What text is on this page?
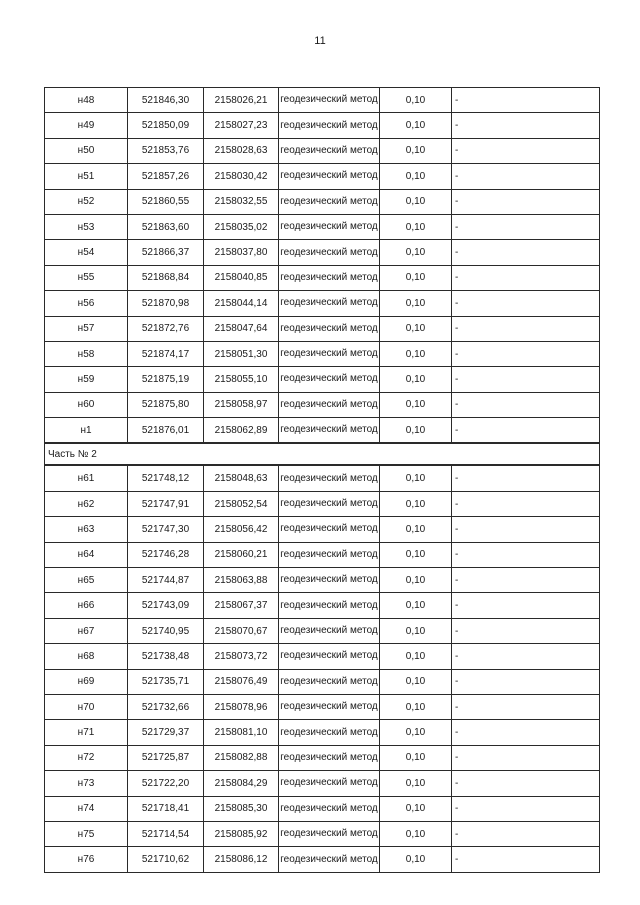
11
н48	521846,30	2158026,21	геодезический метод	0,10	-
н49	521850,09	2158027,23	геодезический метод	0,10	-
н50	521853,76	2158028,63	геодезический метод	0,10	-
н51	521857,26	2158030,42	геодезический метод	0,10	-
н52	521860,55	2158032,55	геодезический метод	0,10	-
н53	521863,60	2158035,02	геодезический метод	0,10	-
н54	521866,37	2158037,80	геодезический метод	0,10	-
н55	521868,84	2158040,85	геодезический метод	0,10	-
н56	521870,98	2158044,14	геодезический метод	0,10	-
н57	521872,76	2158047,64	геодезический метод	0,10	-
н58	521874,17	2158051,30	геодезический метод	0,10	-
н59	521875,19	2158055,10	геодезический метод	0,10	-
н60	521875,80	2158058,97	геодезический метод	0,10	-
н1	521876,01	2158062,89	геодезический метод	0,10	-
Часть № 2					
н61	521748,12	2158048,63	геодезический метод	0,10	-
н62	521747,91	2158052,54	геодезический метод	0,10	-
н63	521747,30	2158056,42	геодезический метод	0,10	-
н64	521746,28	2158060,21	геодезический метод	0,10	-
н65	521744,87	2158063,88	геодезический метод	0,10	-
н66	521743,09	2158067,37	геодезический метод	0,10	-
н67	521740,95	2158070,67	геодезический метод	0,10	-
н68	521738,48	2158073,72	геодезический метод	0,10	-
н69	521735,71	2158076,49	геодезический метод	0,10	-
н70	521732,66	2158078,96	геодезический метод	0,10	-
н71	521729,37	2158081,10	геодезический метод	0,10	-
н72	521725,87	2158082,88	геодезический метод	0,10	-
н73	521722,20	2158084,29	геодезический метод	0,10	-
н74	521718,41	2158085,30	геодезический метод	0,10	-
н75	521714,54	2158085,92	геодезический метод	0,10	-
н76	521710,62	2158086,12	геодезический метод	0,10	-
